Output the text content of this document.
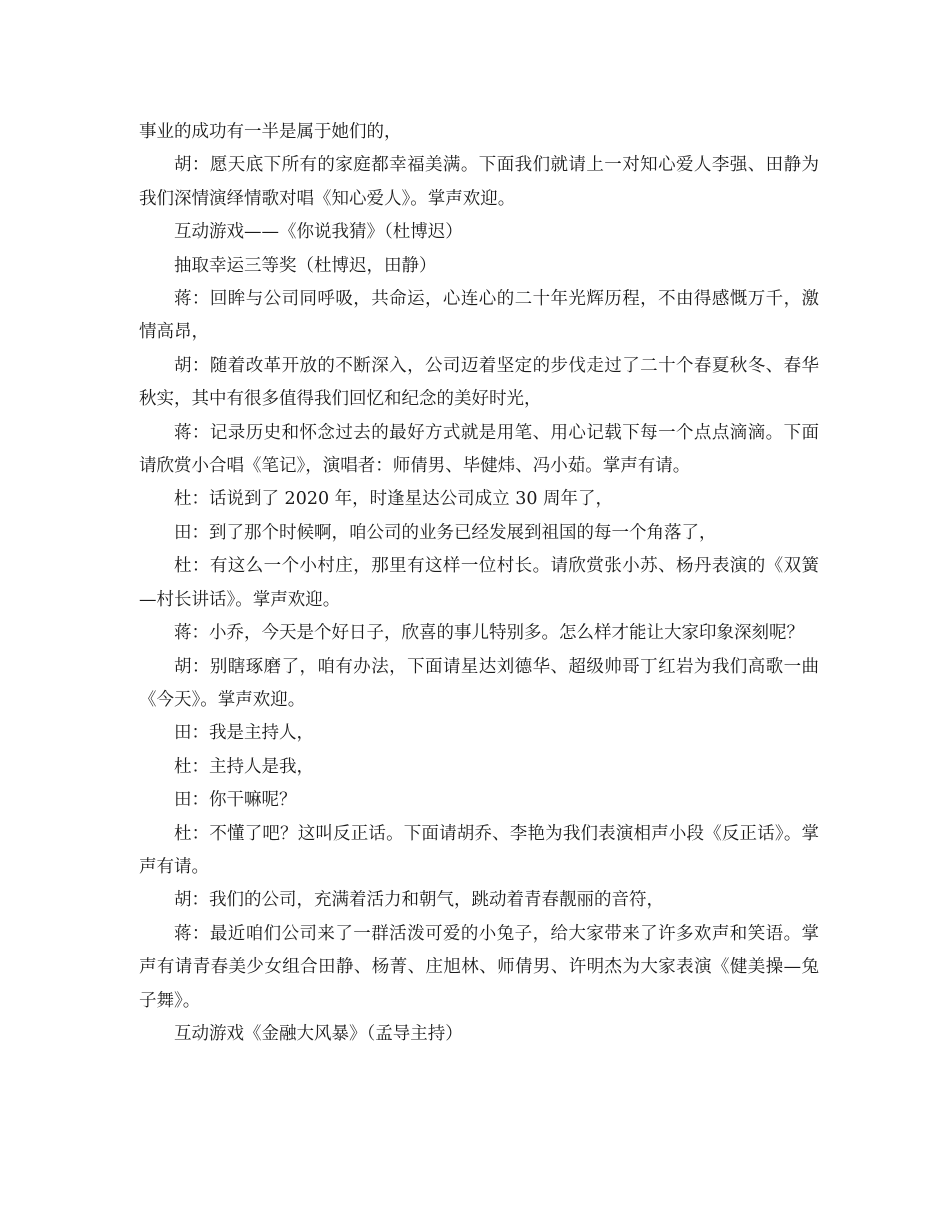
事业的成功有一半是属于她们的，

胡：愿天底下所有的家庭都幸福美满。下面我们就请上一对知心爱人李强、田静为我们深情演绎情歌对唱《知心爱人》。掌声欢迎。

互动游戏——《你说我猜》（杜博迟）

抽取幸运三等奖（杜博迟，田静）

蒋：回眸与公司同呼吸，共命运，心连心的二十年光辉历程，不由得感慨万千，激情高昂，

胡：随着改革开放的不断深入，公司迈着坚定的步伐走过了二十个春夏秋冬、春华秋实，其中有很多值得我们回忆和纪念的美好时光，

蒋：记录历史和怀念过去的最好方式就是用笔、用心记载下每一个点点滴滴。下面请欣赏小合唱《笔记》，演唱者：师倩男、毕健炜、冯小茹。掌声有请。

杜：话说到了 2020 年，时逢星达公司成立 30 周年了，

田：到了那个时候啊，咱公司的业务已经发展到祖国的每一个角落了，

杜：有这么一个小村庄，那里有这样一位村长。请欣赏张小苏、杨丹表演的《双簧—村长讲话》。掌声欢迎。

蒋：小乔，今天是个好日子，欣喜的事儿特别多。怎么样才能让大家印象深刻呢？

胡：别瞎琢磨了，咱有办法，下面请星达刘德华、超级帅哥丁红岩为我们高歌一曲《今天》。掌声欢迎。

田：我是主持人，

杜：主持人是我，

田：你干嘛呢？

杜：不懂了吧？这叫反正话。下面请胡乔、李艳为我们表演相声小段《反正话》。掌声有请。

胡：我们的公司，充满着活力和朝气，跳动着青春靓丽的音符，

蒋：最近咱们公司来了一群活泼可爱的小兔子，给大家带来了许多欢声和笑语。掌声有请青春美少女组合田静、杨菁、庄旭林、师倩男、许明杰为大家表演《健美操—兔子舞》。

互动游戏《金融大风暴》（孟导主持）
